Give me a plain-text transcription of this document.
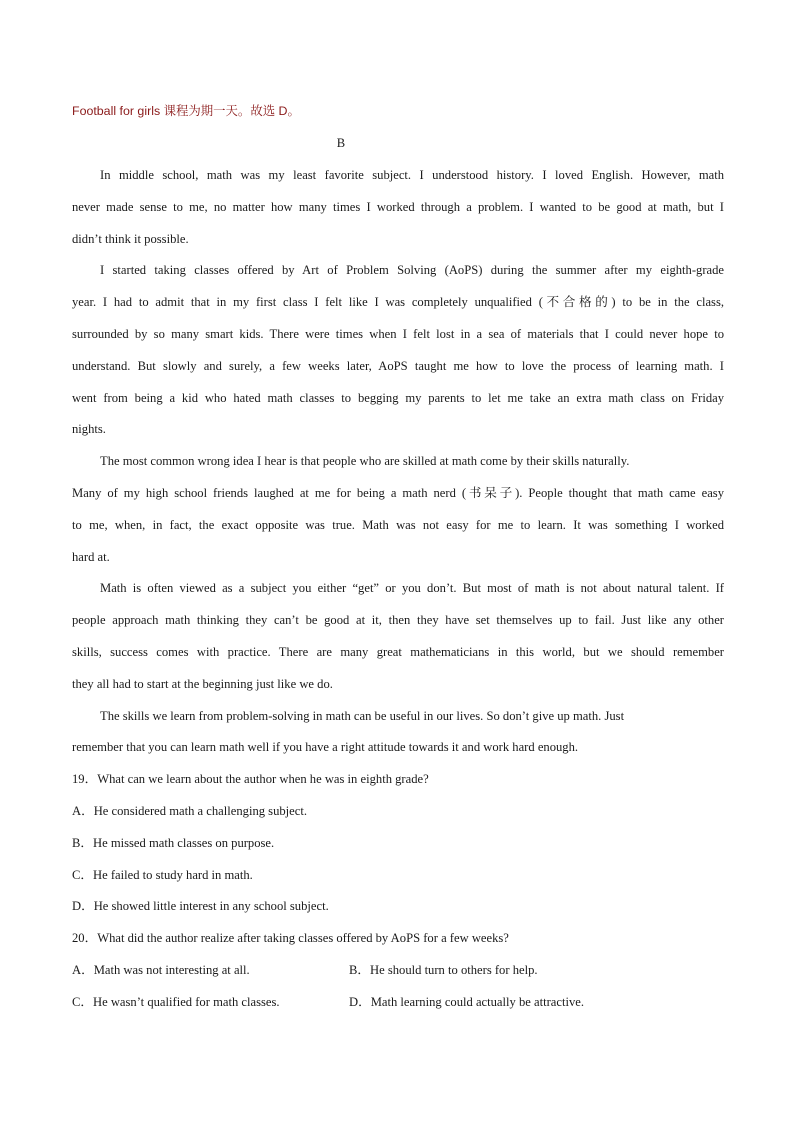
Football for girls 课程为期一天。故选 D。

B

In middle school, math was my least favorite subject. I understood history. I loved English. However, math

never made sense to me, no matter how many times I worked through a problem. I wanted to be good at math, but I

didn’t think it possible.

I started taking classes offered by Art of Problem Solving (AoPS) during the summer after my eighth-grade

year. I had to admit that in my first class I felt like I was completely unqualified (不合格的) to be in the class,

surrounded by so many smart kids. There were times when I felt lost in a sea of materials that I could never hope to

understand. But slowly and surely, a few weeks later, AoPS taught me how to love the process of learning math. I

went from being a kid who hated math classes to begging my parents to let me take an extra math class on Friday

nights.

The most common wrong idea I hear is that people who are skilled at math come by their skills naturally.

Many of my high school friends laughed at me for being a math nerd (书呆子). People thought that math came easy

to me, when, in fact, the exact opposite was true. Math was not easy for me to learn. It was something I worked

hard at.

Math is often viewed as a subject you either “get” or you don’t. But most of math is not about natural talent. If

people approach math thinking they can’t be good at it, then they have set themselves up to fail. Just like any other

skills, success comes with practice. There are many great mathematicians in this world, but we should remember

they all had to start at the beginning just like we do.

The skills we learn from problem-solving in math can be useful in our lives. So don’t give up math. Just

remember that you can learn math well if you have a right attitude towards it and work hard enough.

19．What can we learn about the author when he was in eighth grade?

A．He considered math a challenging subject.

B．He missed math classes on purpose.

C．He failed to study hard in math.

D．He showed little interest in any school subject.

20．What did the author realize after taking classes offered by AoPS for a few weeks?

A．Math was not interesting at all.	B．He should turn to others for help.

C．He wasn’t qualified for math classes.	D．Math learning could actually be attractive.
